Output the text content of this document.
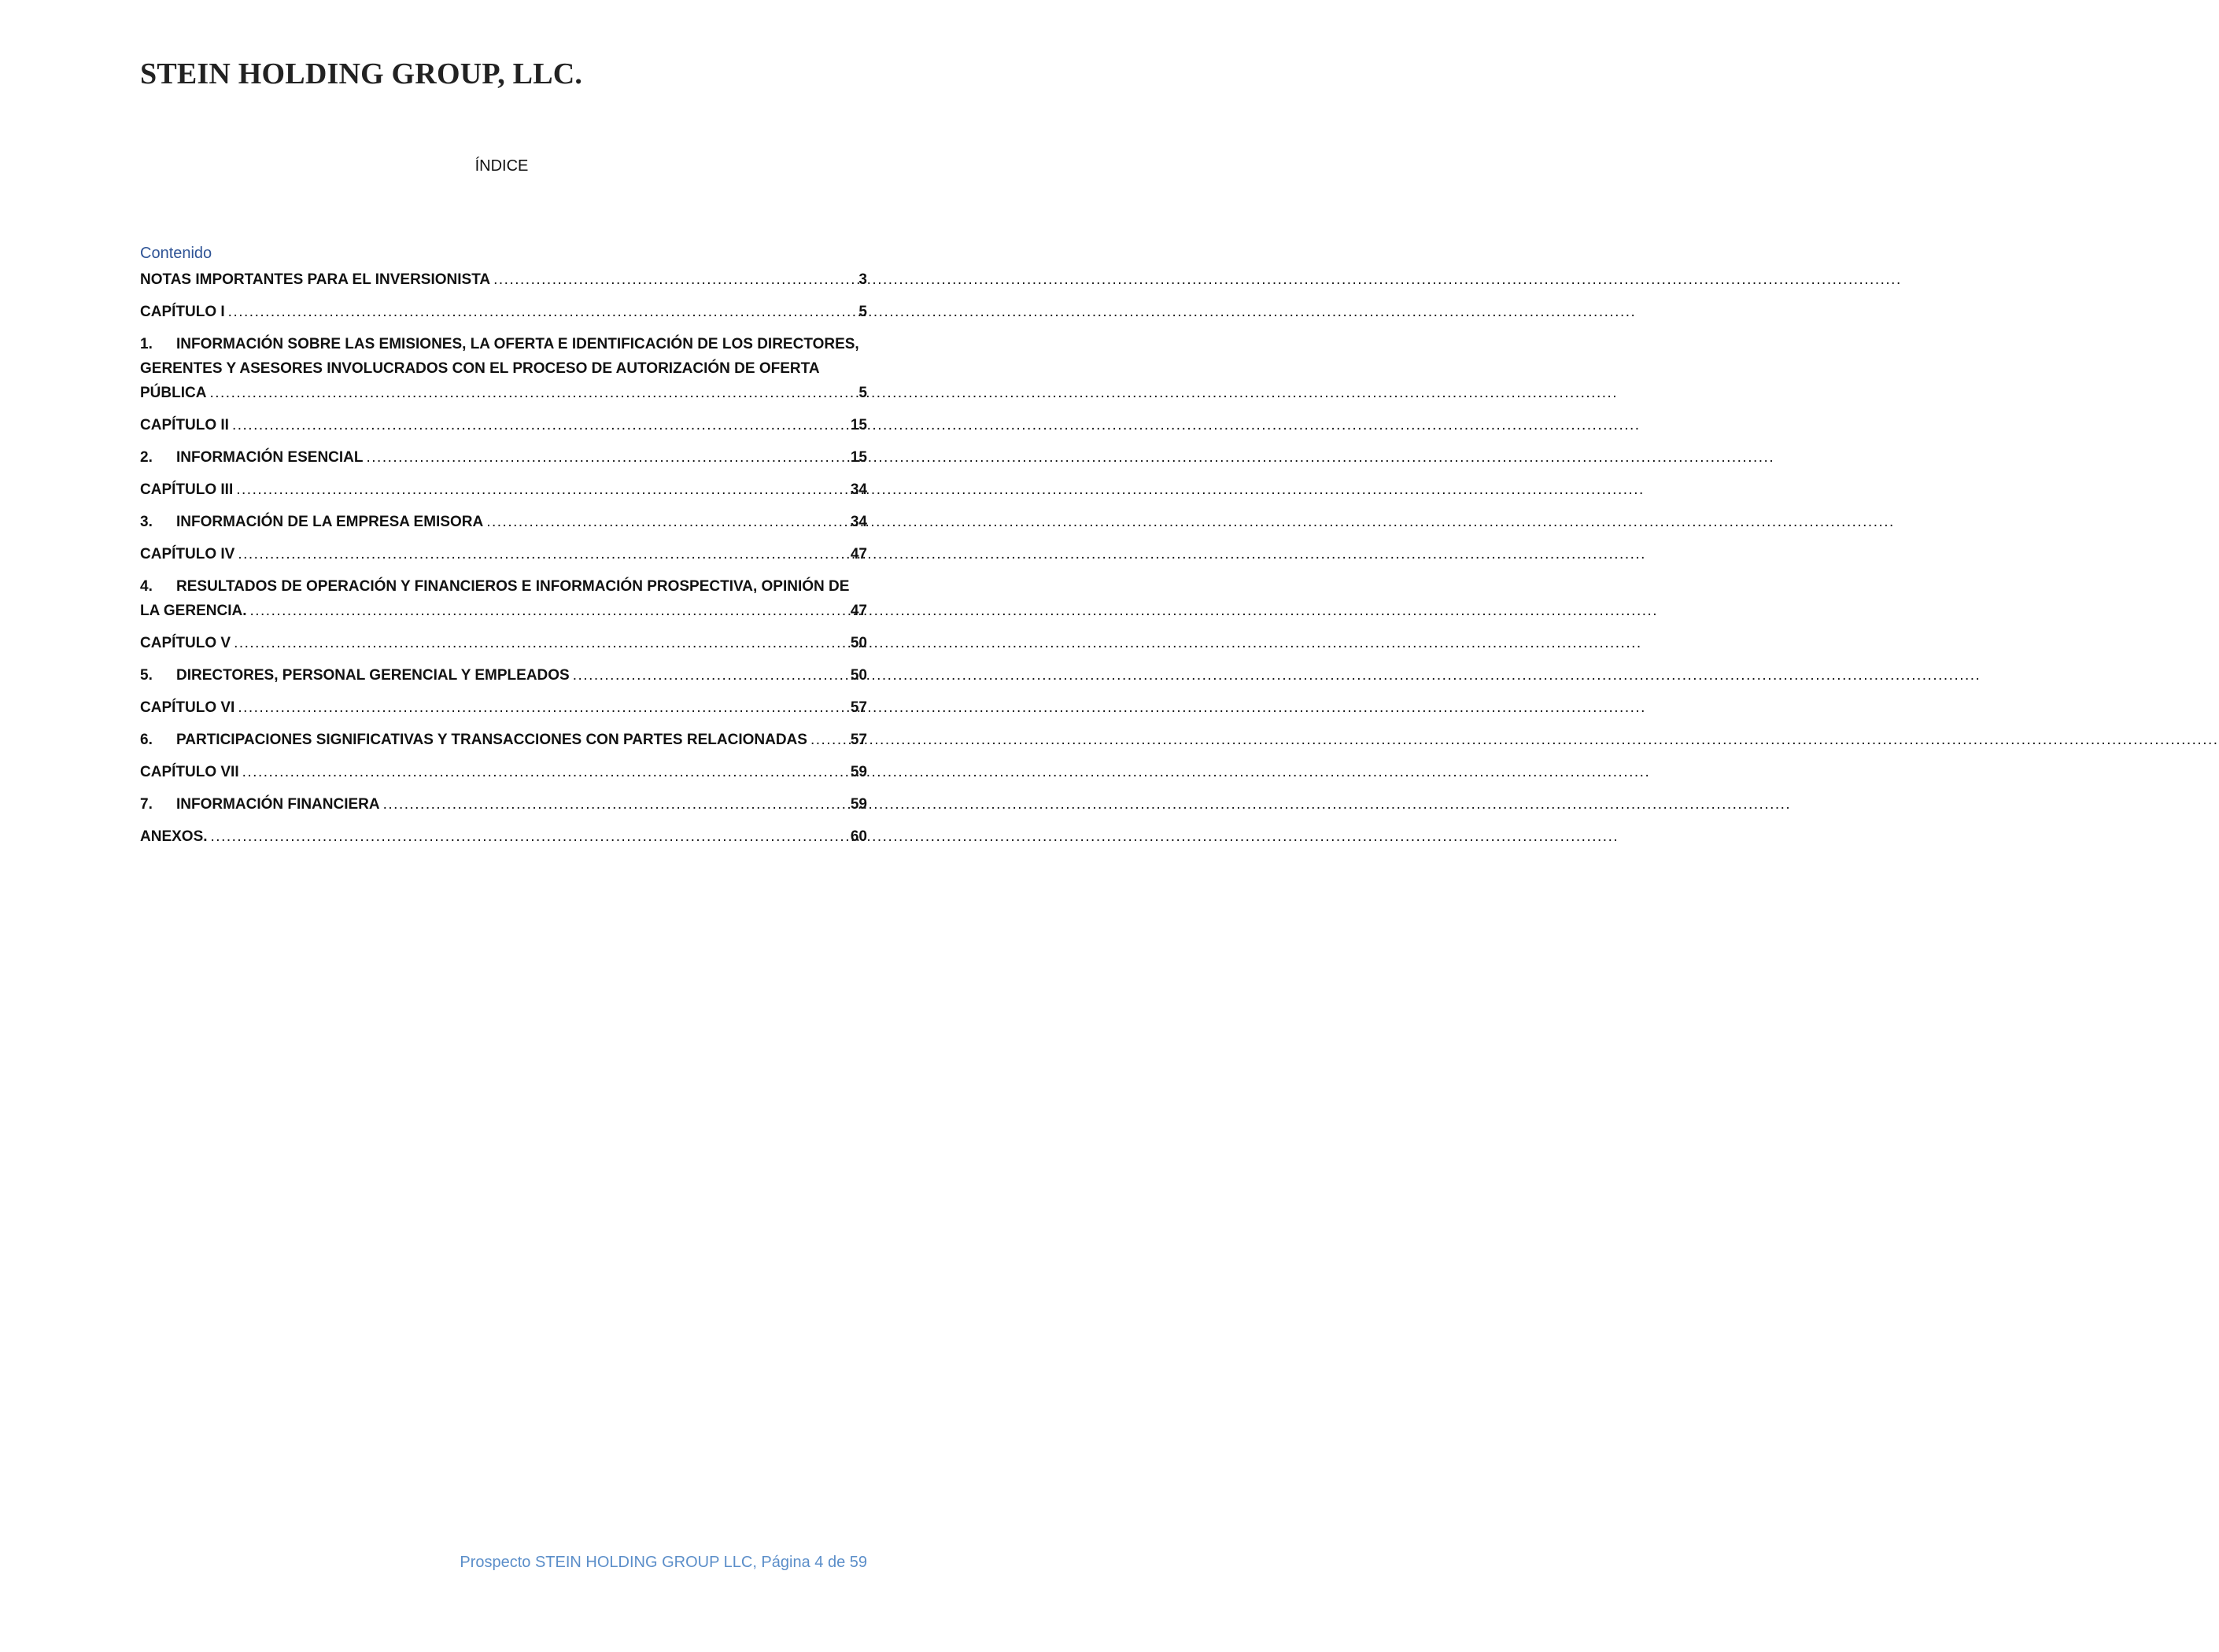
STEIN HOLDING GROUP, LLC.
ÍNDICE
Contenido
NOTAS IMPORTANTES PARA EL INVERSIONISTA .....	3
CAPÍTULO I .....	5
1. INFORMACIÓN SOBRE LAS EMISIONES, LA OFERTA E IDENTIFICACIÓN DE LOS DIRECTORES,
GERENTES Y ASESORES INVOLUCRADOS CON EL PROCESO DE AUTORIZACIÓN DE OFERTA
PÚBLICA .....	5
CAPÍTULO II .....	15
2.	INFORMACIÓN ESENCIAL .....	15
CAPÍTULO III .....	34
3.	INFORMACIÓN DE LA EMPRESA EMISORA .....	34
CAPÍTULO IV .....	47
4. RESULTADOS DE OPERACIÓN Y FINANCIEROS E INFORMACIÓN PROSPECTIVA, OPINIÓN DE
LA GERENCIA. .....	47
CAPÍTULO V .....	50
5.	DIRECTORES, PERSONAL GERENCIAL Y EMPLEADOS .....	50
CAPÍTULO VI .....	57
6.	PARTICIPACIONES SIGNIFICATIVAS Y TRANSACCIONES CON PARTES RELACIONADAS .....	57
CAPÍTULO VII .....	59
7.	INFORMACIÓN FINANCIERA .....	59
ANEXOS. .....	60
Prospecto STEIN HOLDING GROUP LLC, Página 4 de 59
